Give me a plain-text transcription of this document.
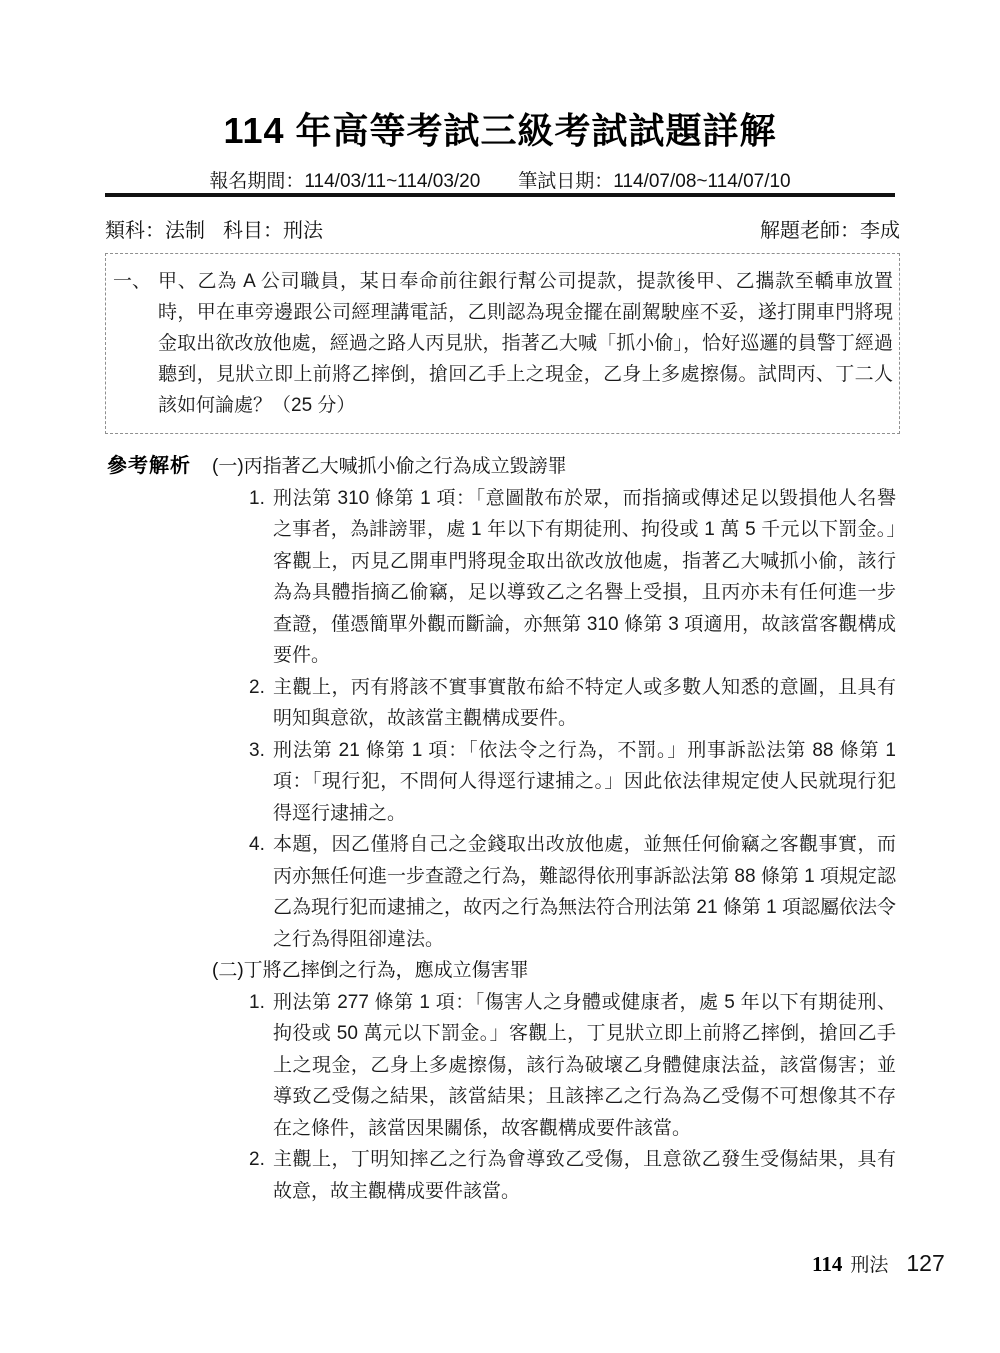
114 年高等考試三級考試試題詳解
報名期間：114/03/11~114/03/20 筆試日期：114/07/08~114/07/10
類科：法制 科目：刑法	解題老師：李成
一、 甲、乙為 A 公司職員，某日奉命前往銀行幫公司提款，提款後甲、乙攜款至轎車放置時，甲在車旁邊跟公司經理講電話，乙則認為現金擺在副駕駛座不妥，遂打開車門將現金取出欲改放他處，經過之路人丙見狀，指著乙大喊「抓小偷」，恰好巡邏的員警丁經過聽到，見狀立即上前將乙摔倒，搶回乙手上之現金，乙身上多處擦傷。試問丙、丁二人該如何論處？（25 分）
參考解析	(一)丙指著乙大喊抓小偷之行為成立毀謗罪
1. 刑法第 310 條第 1 項：「意圖散布於眾，而指摘或傳述足以毀損他人名譽之事者，為誹謗罪，處 1 年以下有期徒刑、拘役或 1 萬 5 千元以下罰金。」客觀上，丙見乙開車門將現金取出欲改放他處，指著乙大喊抓小偷，該行為為具體指摘乙偷竊，足以導致乙之名譽上受損，且丙亦未有任何進一步查證，僅憑簡單外觀而斷論，亦無第 310 條第 3 項適用，故該當客觀構成要件。
2. 主觀上，丙有將該不實事實散布給不特定人或多數人知悉的意圖，且具有明知與意欲，故該當主觀構成要件。
3. 刑法第 21 條第 1 項：「依法令之行為，不罰。」刑事訴訟法第 88 條第 1 項：「現行犯，不問何人得逕行逮捕之。」因此依法律規定使人民就現行犯得逕行逮捕之。
4. 本題，因乙僅將自己之金錢取出改放他處，並無任何偷竊之客觀事實，而丙亦無任何進一步查證之行為，難認得依刑事訴訟法第 88 條第 1 項規定認乙為現行犯而逮捕之，故丙之行為無法符合刑法第 21 條第 1 項認屬依法令之行為得阻卻違法。
(二)丁將乙摔倒之行為，應成立傷害罪
1. 刑法第 277 條第 1 項：「傷害人之身體或健康者，處 5 年以下有期徒刑、拘役或 50 萬元以下罰金。」客觀上，丁見狀立即上前將乙摔倒，搶回乙手上之現金，乙身上多處擦傷，該行為破壞乙身體健康法益，該當傷害；並導致乙受傷之結果，該當結果；且該摔乙之行為為乙受傷不可想像其不存在之條件，該當因果關係，故客觀構成要件該當。
2. 主觀上，丁明知摔乙之行為會導致乙受傷，且意欲乙發生受傷結果，具有故意，故主觀構成要件該當。
114 刑法 127
